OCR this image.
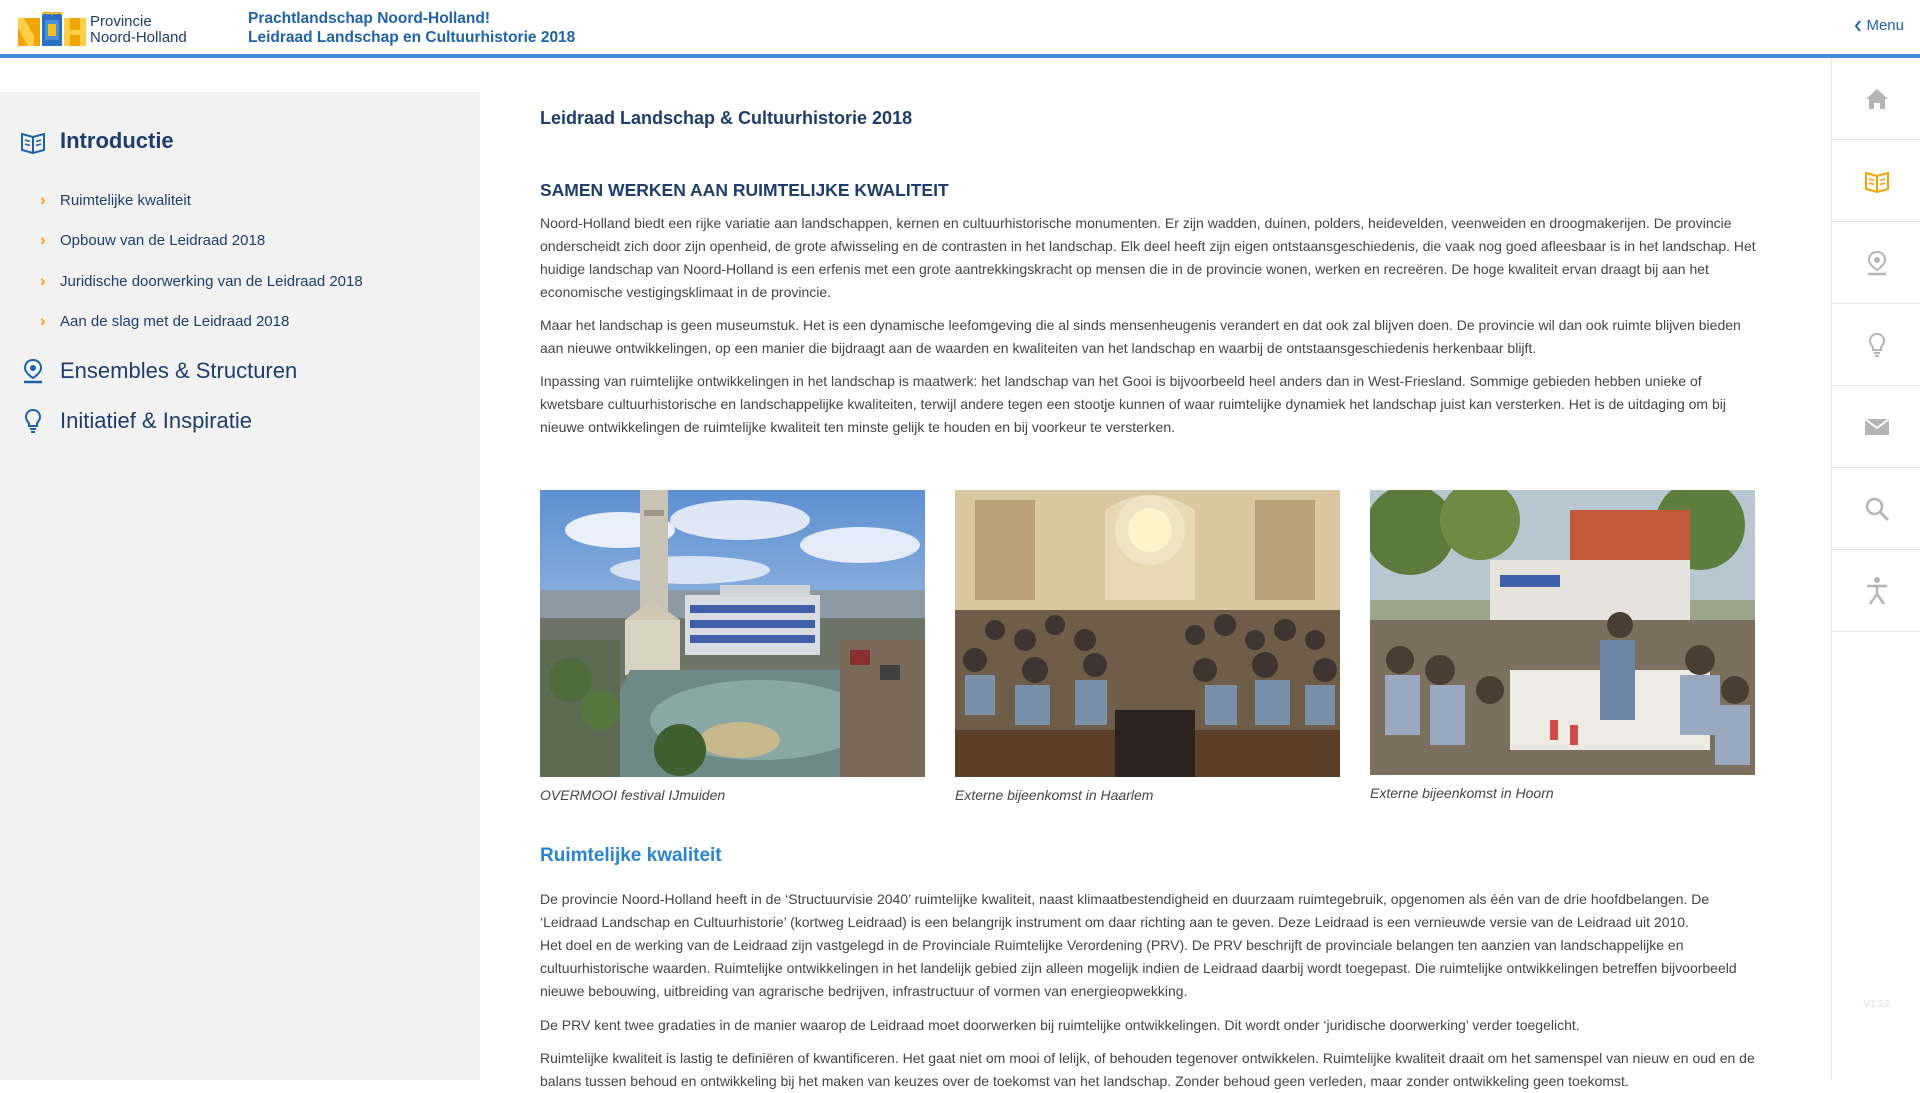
Provincie
Noord-Holland
Prachtlandschap Noord-Holland!
Leidraad Landschap en Cultuurhistorie 2018
Menu
Introductie
› Ruimtelijke kwaliteit
› Opbouw van de Leidraad 2018
› Juridische doorwerking van de Leidraad 2018
› Aan de slag met de Leidraad 2018
Ensembles & Structuren
Initiatief & Inspiratie
V1.22
Leidraad Landschap & Cultuurhistorie 2018
SAMEN WERKEN AAN RUIMTELIJKE KWALITEIT

Noord-Holland biedt een rijke variatie aan landschappen, kernen en cultuurhistorische monumenten. Er zijn wadden, duinen, polders, heidevelden, veenweiden en droogmakerijen. De provincie onderscheidt zich door zijn openheid, de grote afwisseling en de contrasten in het landschap. Elk deel heeft zijn eigen ontstaansgeschiedenis, die vaak nog goed afleesbaar is in het landschap. Het huidige landschap van Noord-Holland is een erfenis met een grote aantrekkingskracht op mensen die in de provincie wonen, werken en recreëren. De hoge kwaliteit ervan draagt bij aan het economische vestigingsklimaat in de provincie.

Maar het landschap is geen museumstuk. Het is een dynamische leefomgeving die al sinds mensenheugenis verandert en dat ook zal blijven doen. De provincie wil dan ook ruimte blijven bieden aan nieuwe ontwikkelingen, op een manier die bijdraagt aan de waarden en kwaliteiten van het landschap en waarbij de ontstaansgeschiedenis herkenbaar blijft.

Inpassing van ruimtelijke ontwikkelingen in het landschap is maatwerk: het landschap van het Gooi is bijvoorbeeld heel anders dan in West-Friesland. Sommige gebieden hebben unieke of kwetsbare cultuurhistorische en landschappelijke kwaliteiten, terwijl andere tegen een stootje kunnen of waar ruimtelijke dynamiek het landschap juist kan versterken. Het is de uitdaging om bij nieuwe ontwikkelingen de ruimtelijke kwaliteit ten minste gelijk te houden en bij voorkeur te versterken.

OVERMOOI festival IJmuiden	Externe bijeenkomst in Haarlem	Externe bijeenkomst in Hoorn
Ruimtelijke kwaliteit

De provincie Noord-Holland heeft in de ‘Structuurvisie 2040’ ruimtelijke kwaliteit, naast klimaatbestendigheid en duurzaam ruimtegebruik, opgenomen als één van de drie hoofdbelangen. De ‘Leidraad Landschap en Cultuurhistorie’ (kortweg Leidraad) is een belangrijk instrument om daar richting aan te geven. Deze Leidraad is een vernieuwde versie van de Leidraad uit 2010.

Het doel en de werking van de Leidraad zijn vastgelegd in de Provinciale Ruimtelijke Verordening (PRV). De PRV beschrijft de provinciale belangen ten aanzien van landschappelijke en cultuurhistorische waarden. Ruimtelijke ontwikkelingen in het landelijk gebied zijn alleen mogelijk indien de Leidraad daarbij wordt toegepast. Die ruimtelijke ontwikkelingen betreffen bijvoorbeeld nieuwe bebouwing, uitbreiding van agrarische bedrijven, infrastructuur of vormen van energieopwekking.

De PRV kent twee gradaties in de manier waarop de Leidraad moet doorwerken bij ruimtelijke ontwikkelingen. Dit wordt onder ‘juridische doorwerking’ verder toegelicht.

Ruimtelijke kwaliteit is lastig te definiëren of kwantificeren. Het gaat niet om mooi of lelijk, of behouden tegenover ontwikkelen. Ruimtelijke kwaliteit draait om het samenspel van nieuw en oud en de balans tussen behoud en ontwikkeling bij het maken van keuzes over de toekomst van het landschap. Zonder behoud geen verleden, maar zonder ontwikkeling geen toekomst.
